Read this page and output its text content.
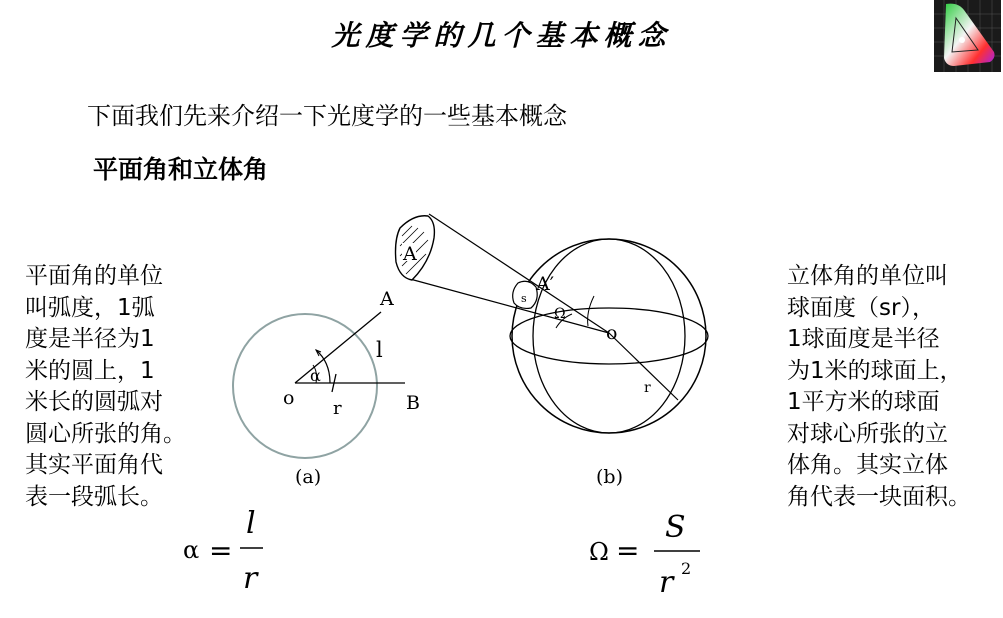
光度学的几个基本概念
下面我们先来介绍一下光度学的一些基本概念
平面角和立体角
平面角的单位
叫弧度，1弧
度是半径为1
米的圆上，1
米长的圆弧对
圆心所张的角。
其实平面角代
表一段弧长。
立体角的单位叫
球面度（sr），
1球面度是半径
为1米的球面上，
1平方米的球面
对球心所张的立
体角。其实立体
角代表一块面积。
A
l
α
o r	B
(a)
A
A′
s
Ω
o
r
(b)
α =
l
r
Ω =
S
r 2
